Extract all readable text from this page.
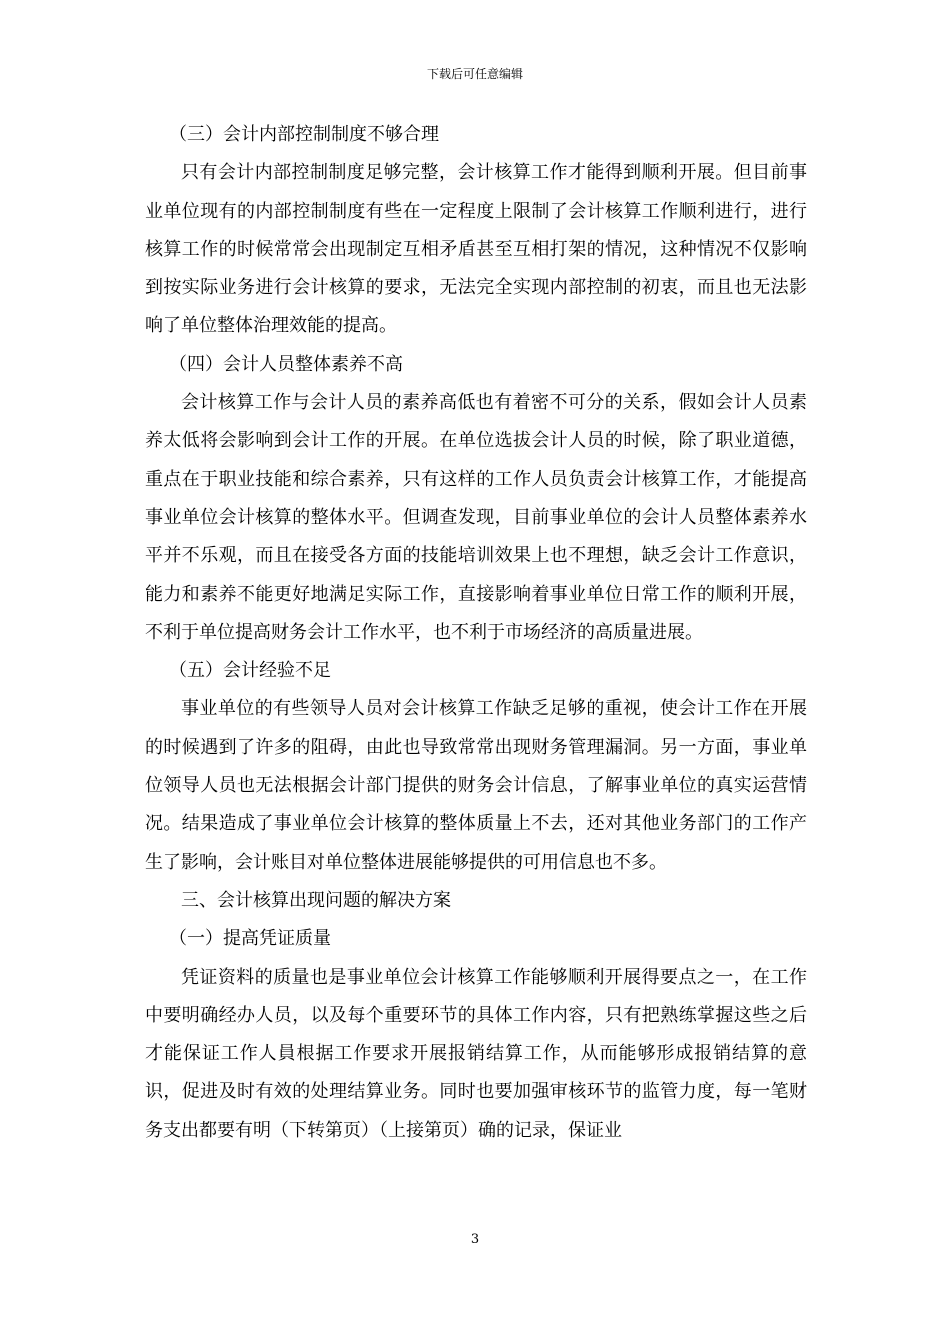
下载后可任意编辑

（三）会计内部控制制度不够合理

只有会计内部控制制度足够完整，会计核算工作才能得到顺利开展。但目前事业单位现有的内部控制制度有些在一定程度上限制了会计核算工作顺利进行，进行核算工作的时候常常会出现制定互相矛盾甚至互相打架的情况，这种情况不仅影响到按实际业务进行会计核算的要求，无法完全实现内部控制的初衷，而且也无法影响了单位整体治理效能的提高。

（四）会计人员整体素养不高

会计核算工作与会计人员的素养高低也有着密不可分的关系，假如会计人员素养太低将会影响到会计工作的开展。在单位选拔会计人员的时候，除了职业道德，重点在于职业技能和综合素养，只有这样的工作人员负责会计核算工作，才能提高事业单位会计核算的整体水平。但调查发现，目前事业单位的会计人员整体素养水平并不乐观，而且在接受各方面的技能培训效果上也不理想，缺乏会计工作意识，能力和素养不能更好地满足实际工作，直接影响着事业单位日常工作的顺利开展，不利于单位提高财务会计工作水平，也不利于市场经济的高质量进展。

（五）会计经验不足

事业单位的有些领导人员对会计核算工作缺乏足够的重视，使会计工作在开展的时候遇到了许多的阻碍，由此也导致常常出现财务管理漏洞。另一方面，事业单位领导人员也无法根据会计部门提供的财务会计信息，了解事业单位的真实运营情况。结果造成了事业单位会计核算的整体质量上不去，还对其他业务部门的工作产生了影响，会计账目对单位整体进展能够提供的可用信息也不多。

三、会计核算出现问题的解决方案

（一）提高凭证质量

凭证资料的质量也是事业单位会计核算工作能够顺利开展得要点之一，在工作中要明确经办人员，以及每个重要环节的具体工作内容，只有把熟练掌握这些之后才能保证工作人員根据工作要求开展报销结算工作，从而能够形成报销结算的意识，促进及时有效的处理结算业务。同时也要加强审核环节的监管力度，每一笔财务支出都要有明（下转第页）（上接第页）确的记录，保证业

3
